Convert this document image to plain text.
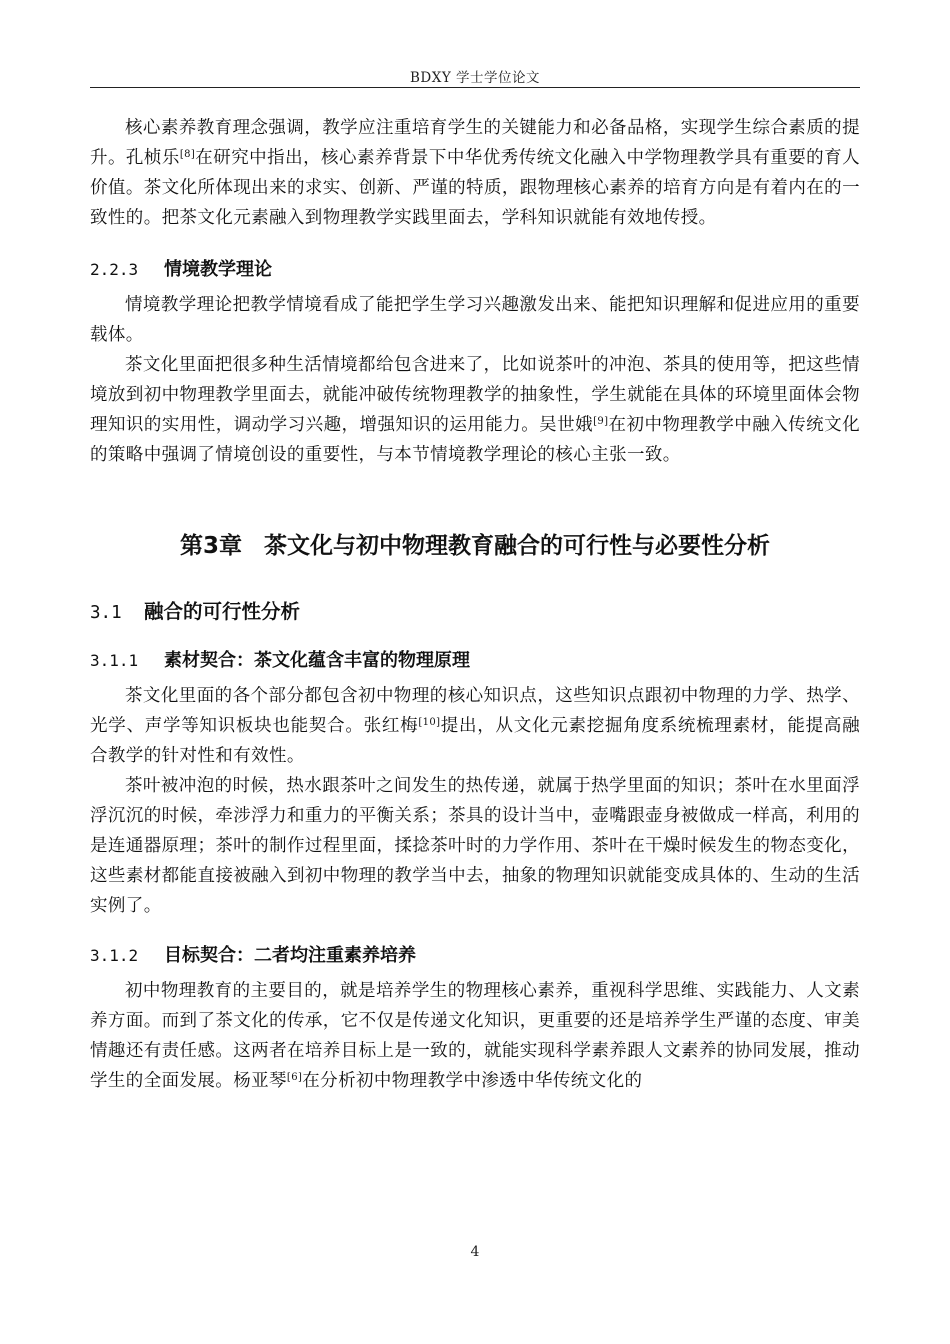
BDXY 学士学位论文

核心素养教育理念强调，教学应注重培育学生的关键能力和必备品格，实现学生综合素质的提升。孔桢乐[8]在研究中指出，核心素养背景下中华优秀传统文化融入中学物理教学具有重要的育人价值。茶文化所体现出来的求实、创新、严谨的特质，跟物理核心素养的培育方向是有着内在的一致性的。把茶文化元素融入到物理教学实践里面去，学科知识就能有效地传授。

2.2.3 情境教学理论

情境教学理论把教学情境看成了能把学生学习兴趣激发出来、能把知识理解和促进应用的重要载体。

茶文化里面把很多种生活情境都给包含进来了，比如说茶叶的冲泡、茶具的使用等，把这些情境放到初中物理教学里面去，就能冲破传统物理教学的抽象性，学生就能在具体的环境里面体会物理知识的实用性，调动学习兴趣，增强知识的运用能力。吴世娥[9]在初中物理教学中融入传统文化的策略中强调了情境创设的重要性，与本节情境教学理论的核心主张一致。

第3章 茶文化与初中物理教育融合的可行性与必要性分析
3.1 融合的可行性分析
3.1.1 素材契合：茶文化蕴含丰富的物理原理

茶文化里面的各个部分都包含初中物理的核心知识点，这些知识点跟初中物理的力学、热学、光学、声学等知识板块也能契合。张红梅[10]提出，从文化元素挖掘角度系统梳理素材，能提高融合教学的针对性和有效性。

茶叶被冲泡的时候，热水跟茶叶之间发生的热传递，就属于热学里面的知识；茶叶在水里面浮浮沉沉的时候，牵涉浮力和重力的平衡关系；茶具的设计当中，壶嘴跟壶身被做成一样高，利用的是连通器原理；茶叶的制作过程里面，揉捻茶叶时的力学作用、茶叶在干燥时候发生的物态变化，这些素材都能直接被融入到初中物理的教学当中去，抽象的物理知识就能变成具体的、生动的生活实例了。

3.1.2 目标契合：二者均注重素养培养

初中物理教育的主要目的，就是培养学生的物理核心素养，重视科学思维、实践能力、人文素养方面。而到了茶文化的传承，它不仅是传递文化知识，更重要的还是培养学生严谨的态度、审美情趣还有责任感。这两者在培养目标上是一致的，就能实现科学素养跟人文素养的协同发展，推动学生的全面发展。杨亚琴[6]在分析初中物理教学中渗透中华传统文化的

4
